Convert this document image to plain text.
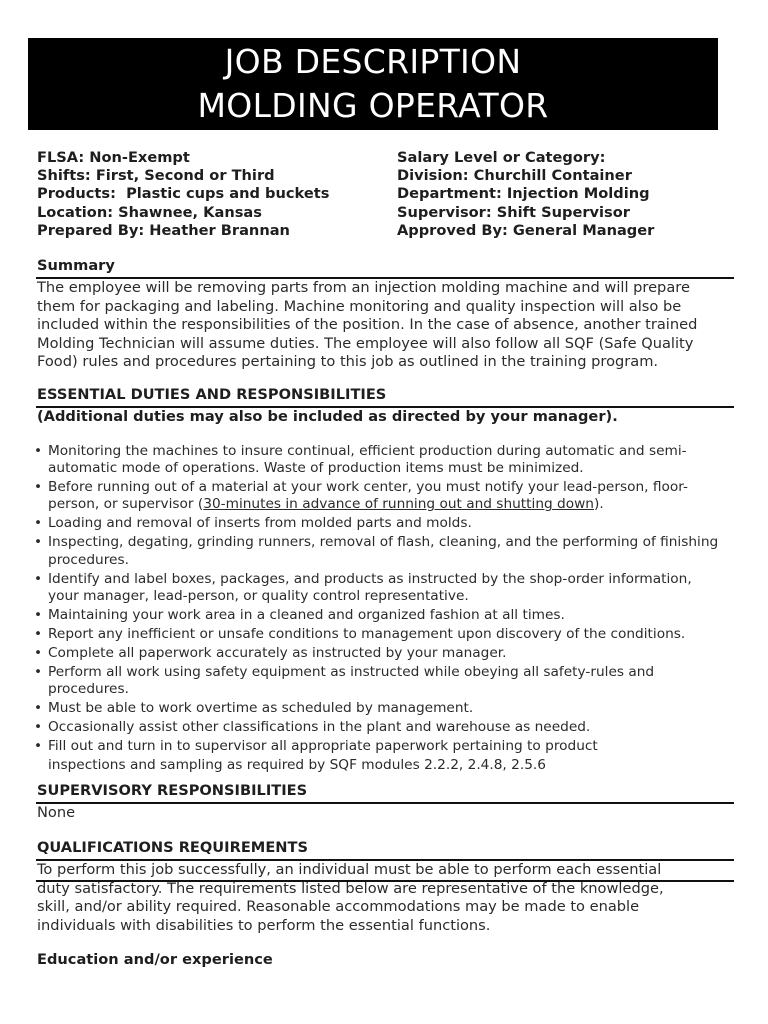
JOB DESCRIPTION
MOLDING OPERATOR
FLSA: Non-Exempt
Shifts: First, Second or Third
Products:  Plastic cups and buckets
Location: Shawnee, Kansas
Prepared By: Heather Brannan
Salary Level or Category:
Division: Churchill Container
Department: Injection Molding
Supervisor: Shift Supervisor
Approved By: General Manager
Summary
The employee will be removing parts from an injection molding machine and will prepare
them for packaging and labeling. Machine monitoring and quality inspection will also be
included within the responsibilities of the position. In the case of absence, another trained
Molding Technician will assume duties. The employee will also follow all SQF (Safe Quality
Food) rules and procedures pertaining to this job as outlined in the training program.
ESSENTIAL DUTIES AND RESPONSIBILITIES
(Additional duties may also be included as directed by your manager).
• Monitoring the machines to insure continual, efficient production during automatic and semi-
automatic mode of operations. Waste of production items must be minimized.
• Before running out of a material at your work center, you must notify your lead-person, floor-
person, or supervisor (30-minutes in advance of running out and shutting down).
• Loading and removal of inserts from molded parts and molds.
• Inspecting, degating, grinding runners, removal of flash, cleaning, and the performing of finishing
procedures.
• Identify and label boxes, packages, and products as instructed by the shop-order information,
your manager, lead-person, or quality control representative.
• Maintaining your work area in a cleaned and organized fashion at all times.
• Report any inefficient or unsafe conditions to management upon discovery of the conditions.
• Complete all paperwork accurately as instructed by your manager.
• Perform all work using safety equipment as instructed while obeying all safety-rules and
procedures.
• Must be able to work overtime as scheduled by management.
• Occasionally assist other classifications in the plant and warehouse as needed.
• Fill out and turn in to supervisor all appropriate paperwork pertaining to product
inspections and sampling as required by SQF modules 2.2.2, 2.4.8, 2.5.6
SUPERVISORY RESPONSIBILITIES
None
QUALIFICATIONS REQUIREMENTS
To perform this job successfully, an individual must be able to perform each essential
duty satisfactory. The requirements listed below are representative of the knowledge,
skill, and/or ability required. Reasonable accommodations may be made to enable
individuals with disabilities to perform the essential functions.
Education and/or experience
